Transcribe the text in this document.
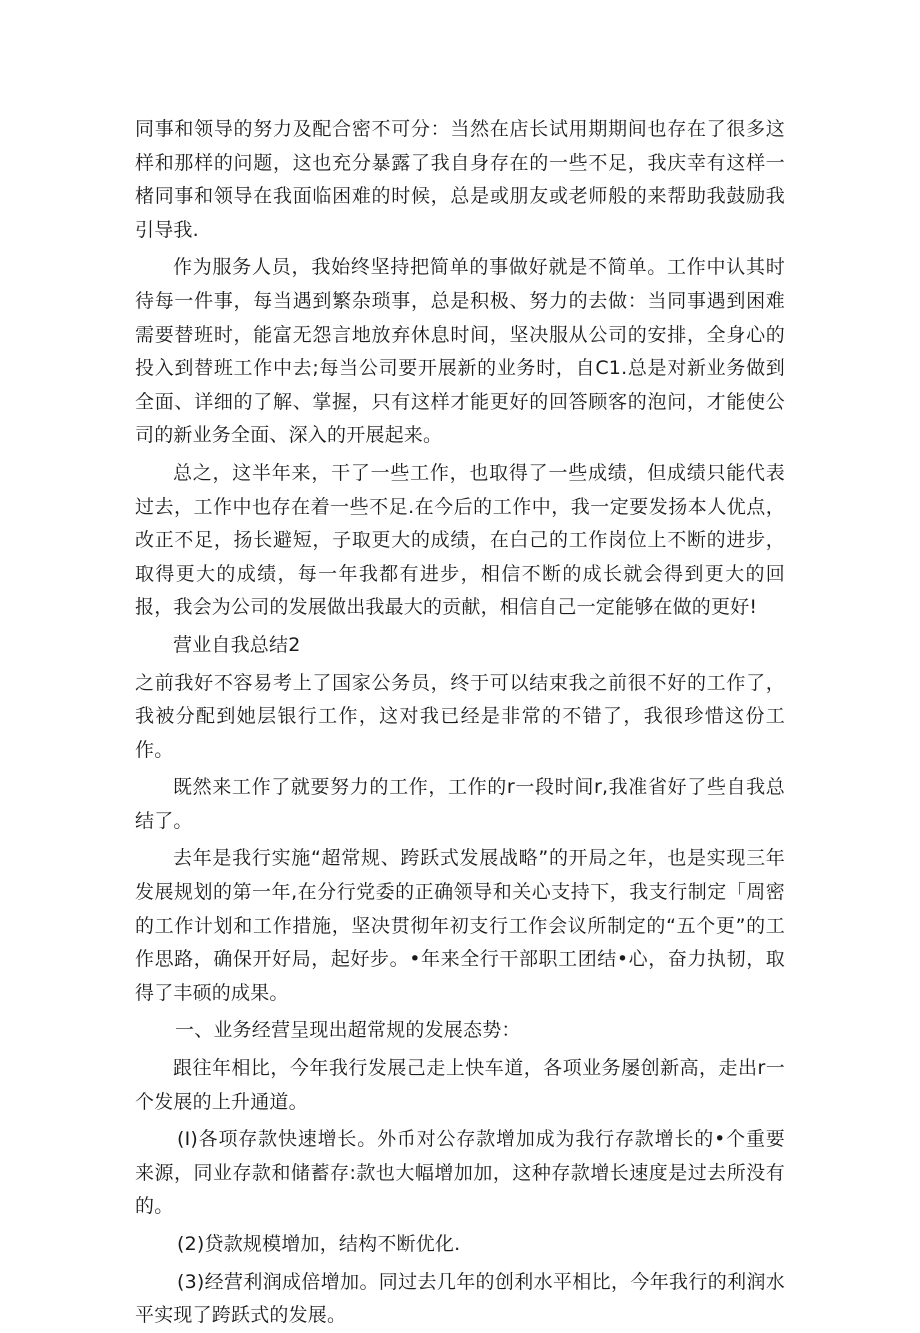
同事和领导的努力及配合密不可分：当然在店长试用期期间也存在了很多这样和那样的问题，这也充分暴露了我自身存在的一些不足，我庆幸有这样一楮同事和领导在我面临困难的时候，总是或朋友或老师般的来帮助我鼓励我引导我.

作为服务人员，我始终坚持把简单的事做好就是不简单。工作中认其时待每一件事，每当遇到繁杂琐事，总是积极、努力的去做：当同事遇到困难需要替班时，能富无怨言地放弃休息时间，坚决服从公司的安排，全身心的投入到替班工作中去;每当公司要开展新的业务时，自C1.总是对新业务做到全面、详细的了解、掌握，只有这样才能更好的回答顾客的泡问，才能使公司的新业务全面、深入的开展起来。

总之，这半年来，干了一些工作，也取得了一些成绩，但成绩只能代表过去，工作中也存在着一些不足.在今后的工作中，我一定要发扬本人优点，改正不足，扬长避短，子取更大的成绩，在白己的工作岗位上不断的进步，取得更大的成绩，每一年我都有进步，相信不断的成长就会得到更大的回报，我会为公司的发展做出我最大的贡献，相信自己一定能够在做的更好!

营业自我总结2

之前我好不容易考上了国家公务员，终于可以结束我之前很不好的工作了，我被分配到她层银行工作，这对我已经是非常的不错了，我很珍惜这份工作。

既然来工作了就要努力的工作，工作的r一段时间r,我准省好了些自我总结了。

去年是我行实施“超常规、跨跃式发展战略”的开局之年，也是实现三年发展规划的第一年,在分行党委的正确领导和关心支持下，我支行制定「周密的工作计划和工作措施，坚决贯彻年初支行工作会议所制定的“五个更”的工作思路，确保开好局，起好步。•年来全行干部职工团结•心，奋力执韧，取得了丰硕的成果。

一、业务经营呈现出超常规的发展态势：

跟往年相比，今年我行发展己走上快车道，各项业务屡创新高，走出r一个发展的上升通道。

(I)各项存款快速增长。外币对公存款增加成为我行存款增长的•个重要来源，同业存款和储蓄存:款也大幅增加加，这种存款增长速度是过去所没有的。

(2)贷款规模增加，结构不断优化.

(3)经营利润成倍增加。同过去几年的创利水平相比，今年我行的利润水平实现了跨跃式的发展。
